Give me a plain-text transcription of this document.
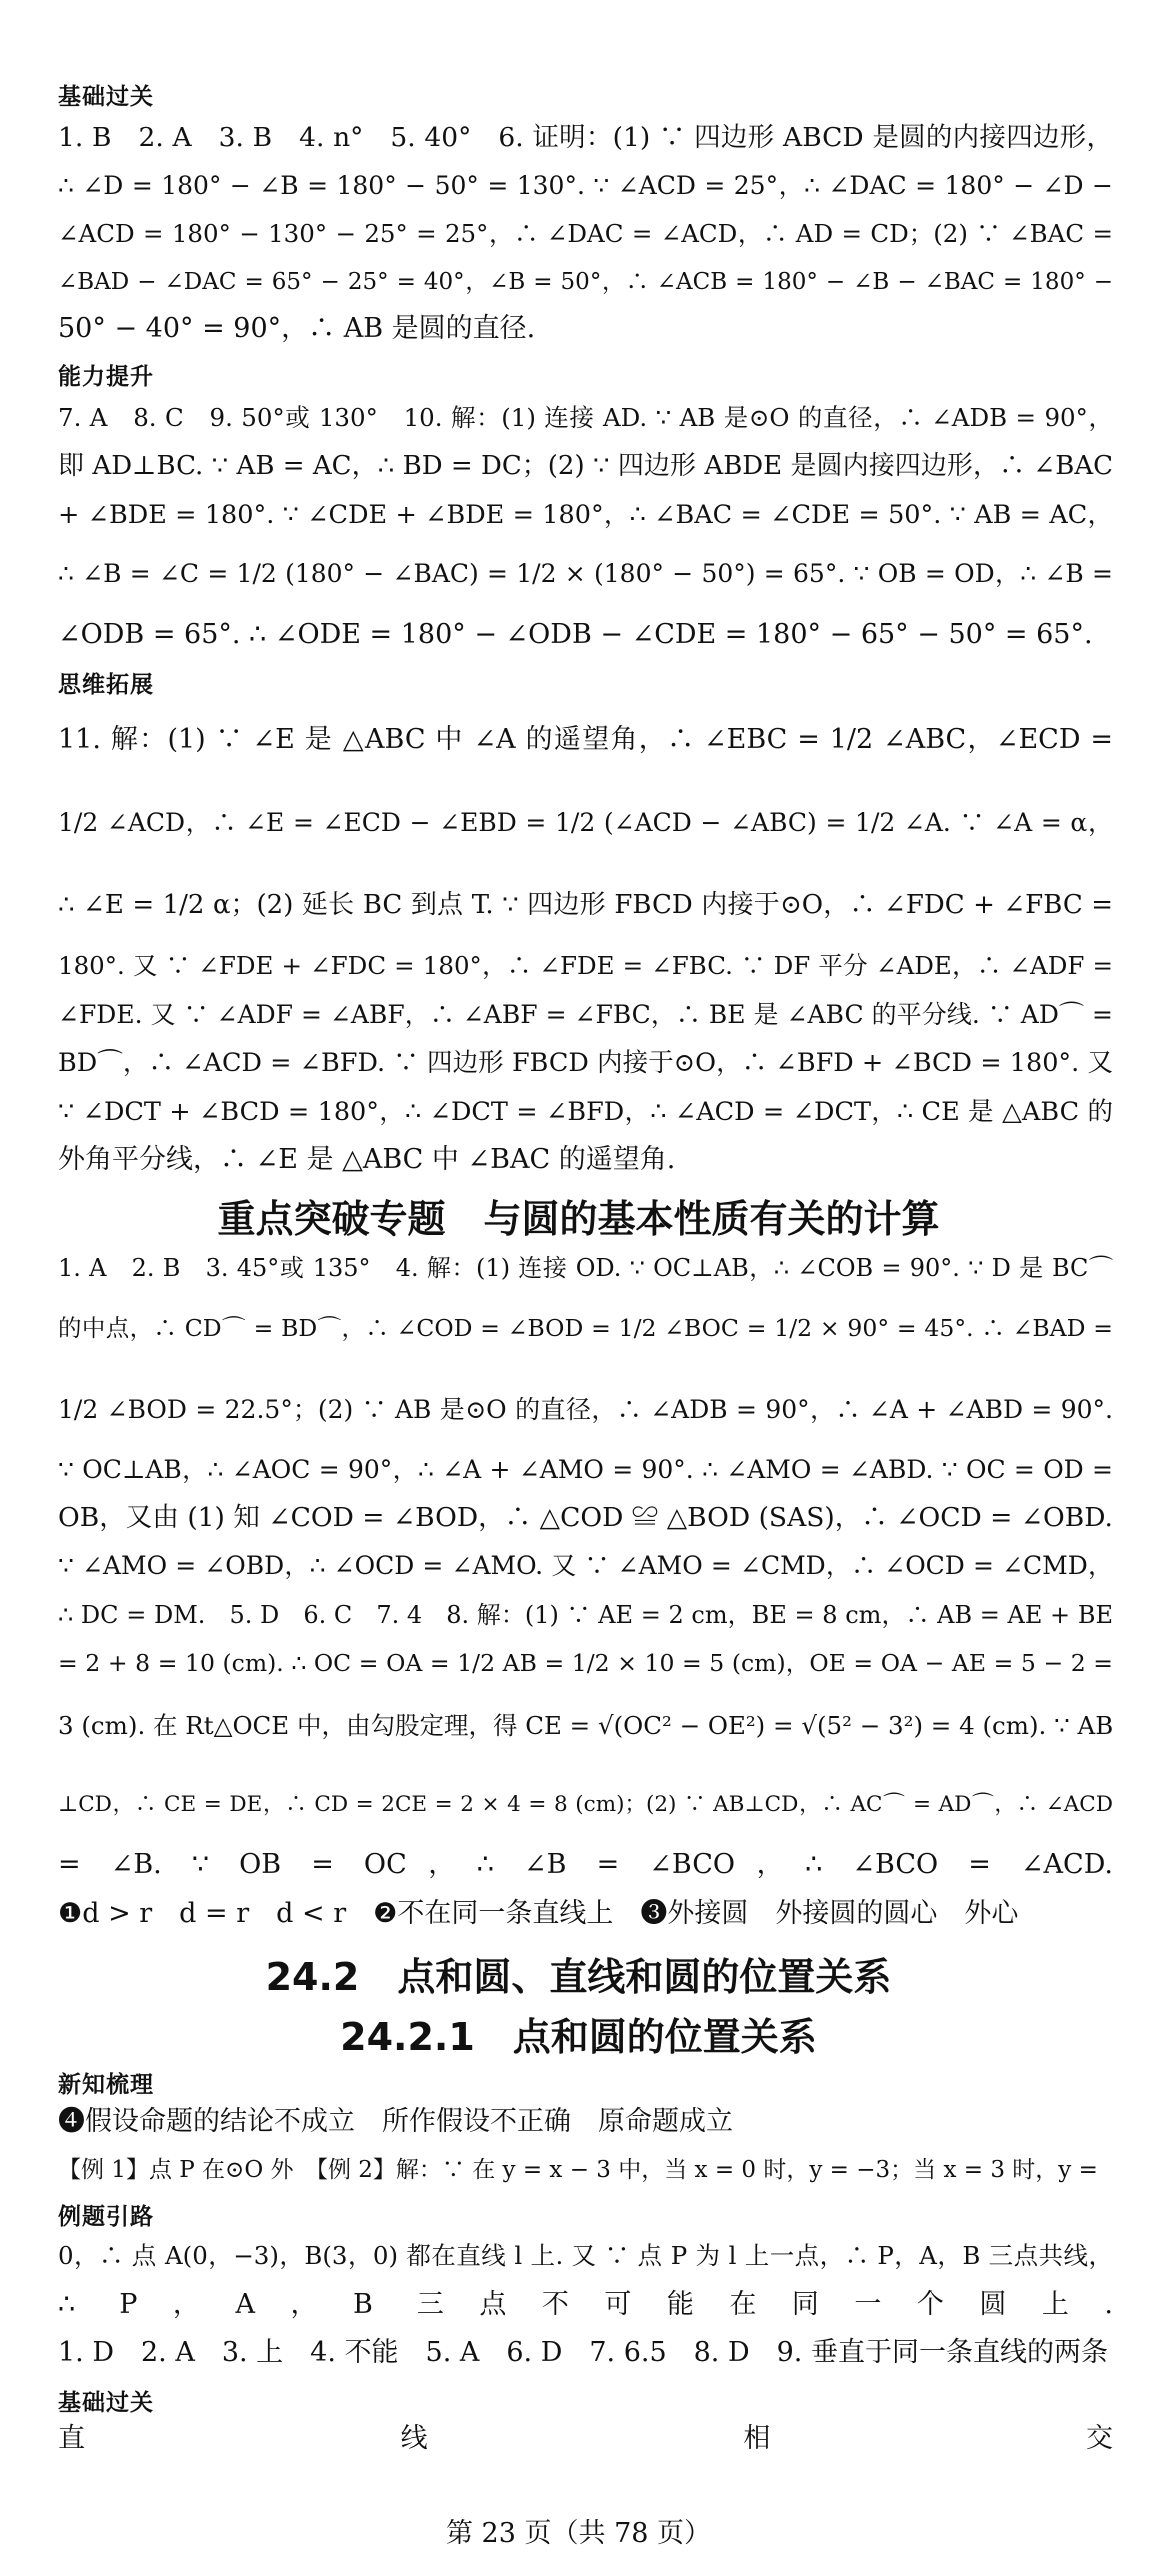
基础过关
1. B　2. A　3. B　4. n°　5. 40°　6. 证明：(1) ∵ 四边形 ABCD 是圆的内接四边形，
∴ ∠D = 180° − ∠B = 180° − 50° = 130°. ∵ ∠ACD = 25°，∴ ∠DAC = 180° − ∠D −
∠ACD = 180° − 130° − 25° = 25°，∴ ∠DAC = ∠ACD，∴ AD = CD；(2) ∵ ∠BAC =
∠BAD − ∠DAC = 65° − 25° = 40°，∠B = 50°，∴ ∠ACB = 180° − ∠B − ∠BAC = 180° −
50° − 40° = 90°，∴ AB 是圆的直径.
能力提升
7. A　8. C　9. 50°或 130°　10. 解：(1) 连接 AD. ∵ AB 是⊙O 的直径，∴ ∠ADB = 90°，
即 AD⊥BC. ∵ AB = AC，∴ BD = DC；(2) ∵ 四边形 ABDE 是圆内接四边形，∴ ∠BAC
+ ∠BDE = 180°. ∵ ∠CDE + ∠BDE = 180°，∴ ∠BAC = ∠CDE = 50°. ∵ AB = AC，
∴ ∠B = ∠C = 1/2 (180° − ∠BAC) = 1/2 × (180° − 50°) = 65°. ∵ OB = OD，∴ ∠B =
∠ODB = 65°. ∴ ∠ODE = 180° − ∠ODB − ∠CDE = 180° − 65° − 50° = 65°.
思维拓展
11. 解：(1) ∵ ∠E 是 △ABC 中 ∠A 的遥望角，∴ ∠EBC = 1/2 ∠ABC，∠ECD =
1/2 ∠ACD，∴ ∠E = ∠ECD − ∠EBD = 1/2 (∠ACD − ∠ABC) = 1/2 ∠A. ∵ ∠A = α，
∴ ∠E = 1/2 α；(2) 延长 BC 到点 T. ∵ 四边形 FBCD 内接于⊙O，∴ ∠FDC + ∠FBC =
180°. 又 ∵ ∠FDE + ∠FDC = 180°，∴ ∠FDE = ∠FBC. ∵ DF 平分 ∠ADE，∴ ∠ADF =
∠FDE. 又 ∵ ∠ADF = ∠ABF，∴ ∠ABF = ∠FBC，∴ BE 是 ∠ABC 的平分线. ∵ AD⌒ =
BD⌒，∴ ∠ACD = ∠BFD. ∵ 四边形 FBCD 内接于⊙O，∴ ∠BFD + ∠BCD = 180°. 又
∵ ∠DCT + ∠BCD = 180°，∴ ∠DCT = ∠BFD，∴ ∠ACD = ∠DCT，∴ CE 是 △ABC 的
外角平分线，∴ ∠E 是 △ABC 中 ∠BAC 的遥望角.
重点突破专题　与圆的基本性质有关的计算
1. A　2. B　3. 45°或 135°　4. 解：(1) 连接 OD. ∵ OC⊥AB，∴ ∠COB = 90°. ∵ D 是 BC⌒
的中点，∴ CD⌒ = BD⌒，∴ ∠COD = ∠BOD = 1/2 ∠BOC = 1/2 × 90° = 45°. ∴ ∠BAD =
1/2 ∠BOD = 22.5°；(2) ∵ AB 是⊙O 的直径，∴ ∠ADB = 90°，∴ ∠A + ∠ABD = 90°.
∵ OC⊥AB，∴ ∠AOC = 90°，∴ ∠A + ∠AMO = 90°. ∴ ∠AMO = ∠ABD. ∵ OC = OD =
OB，又由 (1) 知 ∠COD = ∠BOD，∴ △COD ≌ △BOD (SAS)，∴ ∠OCD = ∠OBD.
∵ ∠AMO = ∠OBD，∴ ∠OCD = ∠AMO. 又 ∵ ∠AMO = ∠CMD，∴ ∠OCD = ∠CMD，
∴ DC = DM.　5. D　6. C　7. 4　8. 解：(1) ∵ AE = 2 cm，BE = 8 cm，∴ AB = AE + BE
= 2 + 8 = 10 (cm). ∴ OC = OA = 1/2 AB = 1/2 × 10 = 5 (cm)，OE = OA − AE = 5 − 2 =
3 (cm). 在 Rt△OCE 中，由勾股定理，得 CE = √(OC² − OE²) = √(5² − 3²) = 4 (cm). ∵ AB
⊥CD，∴ CE = DE，∴ CD = 2CE = 2 × 4 = 8 (cm)；(2) ∵ AB⊥CD，∴ AC⌒ = AD⌒，∴ ∠ACD
= ∠B. ∵ OB = OC，∴ ∠B = ∠BCO，∴ ∠BCO = ∠ACD.
❶d > r　d = r　d < r　❷不在同一条直线上　❸外接圆　外接圆的圆心　外心
24.2　点和圆、直线和圆的位置关系
24.2.1　点和圆的位置关系
新知梳理
❹假设命题的结论不成立　所作假设不正确　原命题成立
【例 1】点 P 在⊙O 外　【例 2】解：∵ 在 y = x − 3 中，当 x = 0 时，y = −3；当 x = 3 时，y =
例题引路
0，∴ 点 A(0，−3)，B(3，0) 都在直线 l 上. 又 ∵ 点 P 为 l 上一点，∴ P，A，B 三点共线，
∴ P，A，B 三点不可能在同一个圆上.
1. D　2. A　3. 上　4. 不能　5. A　6. D　7. 6.5　8. D　9. 垂直于同一条直线的两条
基础过关
直线相交
第 23 页（共 78 页）
